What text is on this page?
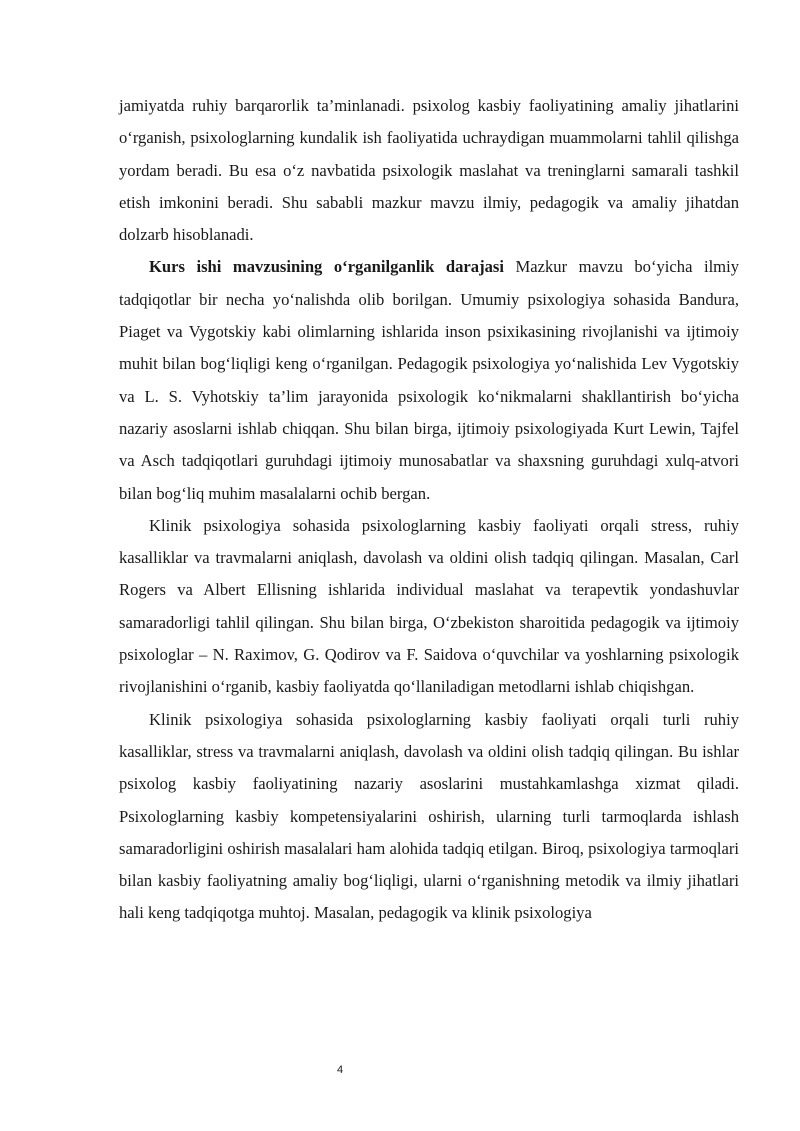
jamiyatda ruhiy barqarorlik ta’minlanadi. psixolog kasbiy faoliyatining amaliy jihatlarini o‘rganish, psixologlarning kundalik ish faoliyatida uchraydigan muammolarni tahlil qilishga yordam beradi. Bu esa o‘z navbatida psixologik maslahat va treninglarni samarali tashkil etish imkonini beradi. Shu sababli mazkur mavzu ilmiy, pedagogik va amaliy jihatdan dolzarb hisoblanadi.

Kurs ishi mavzusining o‘rganilganlik darajasi Mazkur mavzu bo‘yicha ilmiy tadqiqotlar bir necha yo‘nalishda olib borilgan. Umumiy psixologiya sohasida Bandura, Piaget va Vygotskiy kabi olimlarning ishlarida inson psixikasining rivojlanishi va ijtimoiy muhit bilan bog‘liqligi keng o‘rganilgan. Pedagogik psixologiya yo‘nalishida Lev Vygotskiy va L. S. Vyhotskiy ta’lim jarayonida psixologik ko‘nikmalarni shakllantirish bo‘yicha nazariy asoslarni ishlab chiqqan. Shu bilan birga, ijtimoiy psixologiyada Kurt Lewin, Tajfel va Asch tadqiqotlari guruhdagi ijtimoiy munosabatlar va shaxsning guruhdagi xulq-atvori bilan bog‘liq muhim masalalarni ochib bergan.

Klinik psixologiya sohasida psixologlarning kasbiy faoliyati orqali stress, ruhiy kasalliklar va travmalarni aniqlash, davolash va oldini olish tadqiq qilingan. Masalan, Carl Rogers va Albert Ellisning ishlarida individual maslahat va terapevtik yondashuvlar samaradorligi tahlil qilingan. Shu bilan birga, O‘zbekiston sharoitida pedagogik va ijtimoiy psixologlar – N. Raximov, G. Qodirov va F. Saidova o‘quvchilar va yoshlarning psixologik rivojlanishini o‘rganib, kasbiy faoliyatda qo‘llaniladigan metodlarni ishlab chiqishgan.

Klinik psixologiya sohasida psixologlarning kasbiy faoliyati orqali turli ruhiy kasalliklar, stress va travmalarni aniqlash, davolash va oldini olish tadqiq qilingan. Bu ishlar psixolog kasbiy faoliyatining nazariy asoslarini mustahkamlashga xizmat qiladi. Psixologlarning kasbiy kompetensiyalarini oshirish, ularning turli tarmoqlarda ishlash samaradorligini oshirish masalalari ham alohida tadqiq etilgan. Biroq, psixologiya tarmoqlari bilan kasbiy faoliyatning amaliy bog‘liqligi, ularni o‘rganishning metodik va ilmiy jihatlari hali keng tadqiqotga muhtoj. Masalan, pedagogik va klinik psixologiya

4
